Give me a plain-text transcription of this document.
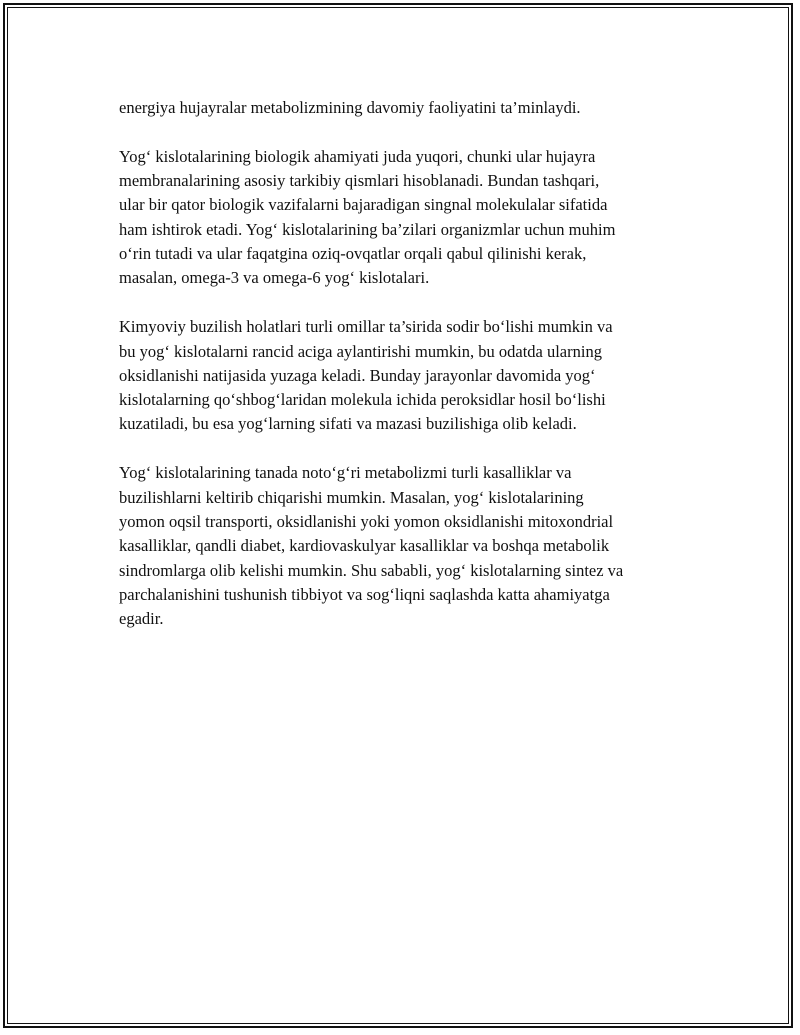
energiya hujayralar metabolizmining davomiy faoliyatini ta’minlaydi.

Yog‘ kislotalarining biologik ahamiyati juda yuqori, chunki ular hujayra
membranalarining asosiy tarkibiy qismlari hisoblanadi. Bundan tashqari,
ular bir qator biologik vazifalarni bajaradigan singnal molekulalar sifatida
ham ishtirok etadi. Yog‘ kislotalarining ba’zilari organizmlar uchun muhim
o‘rin tutadi va ular faqatgina oziq-ovqatlar orqali qabul qilinishi kerak,
masalan, omega-3 va omega-6 yog‘ kislotalari.

Kimyoviy buzilish holatlari turli omillar ta’sirida sodir bo‘lishi mumkin va
bu yog‘ kislotalarni rancid aciga aylantirishi mumkin, bu odatda ularning
oksidlanishi natijasida yuzaga keladi. Bunday jarayonlar davomida yog‘
kislotalarning qo‘shbog‘laridan molekula ichida peroksidlar hosil bo‘lishi
kuzatiladi, bu esa yog‘larning sifati va mazasi buzilishiga olib keladi.

Yog‘ kislotalarining tanada noto‘g‘ri metabolizmi turli kasalliklar va
buzilishlarni keltirib chiqarishi mumkin. Masalan, yog‘ kislotalarining
yomon oqsil transporti, oksidlanishi yoki yomon oksidlanishi mitoxondrial
kasalliklar, qandli diabet, kardiovaskulyar kasalliklar va boshqa metabolik
sindromlarga olib kelishi mumkin. Shu sababli, yog‘ kislotalarning sintez va
parchalanishini tushunish tibbiyot va sog‘liqni saqlashda katta ahamiyatga
egadir.
